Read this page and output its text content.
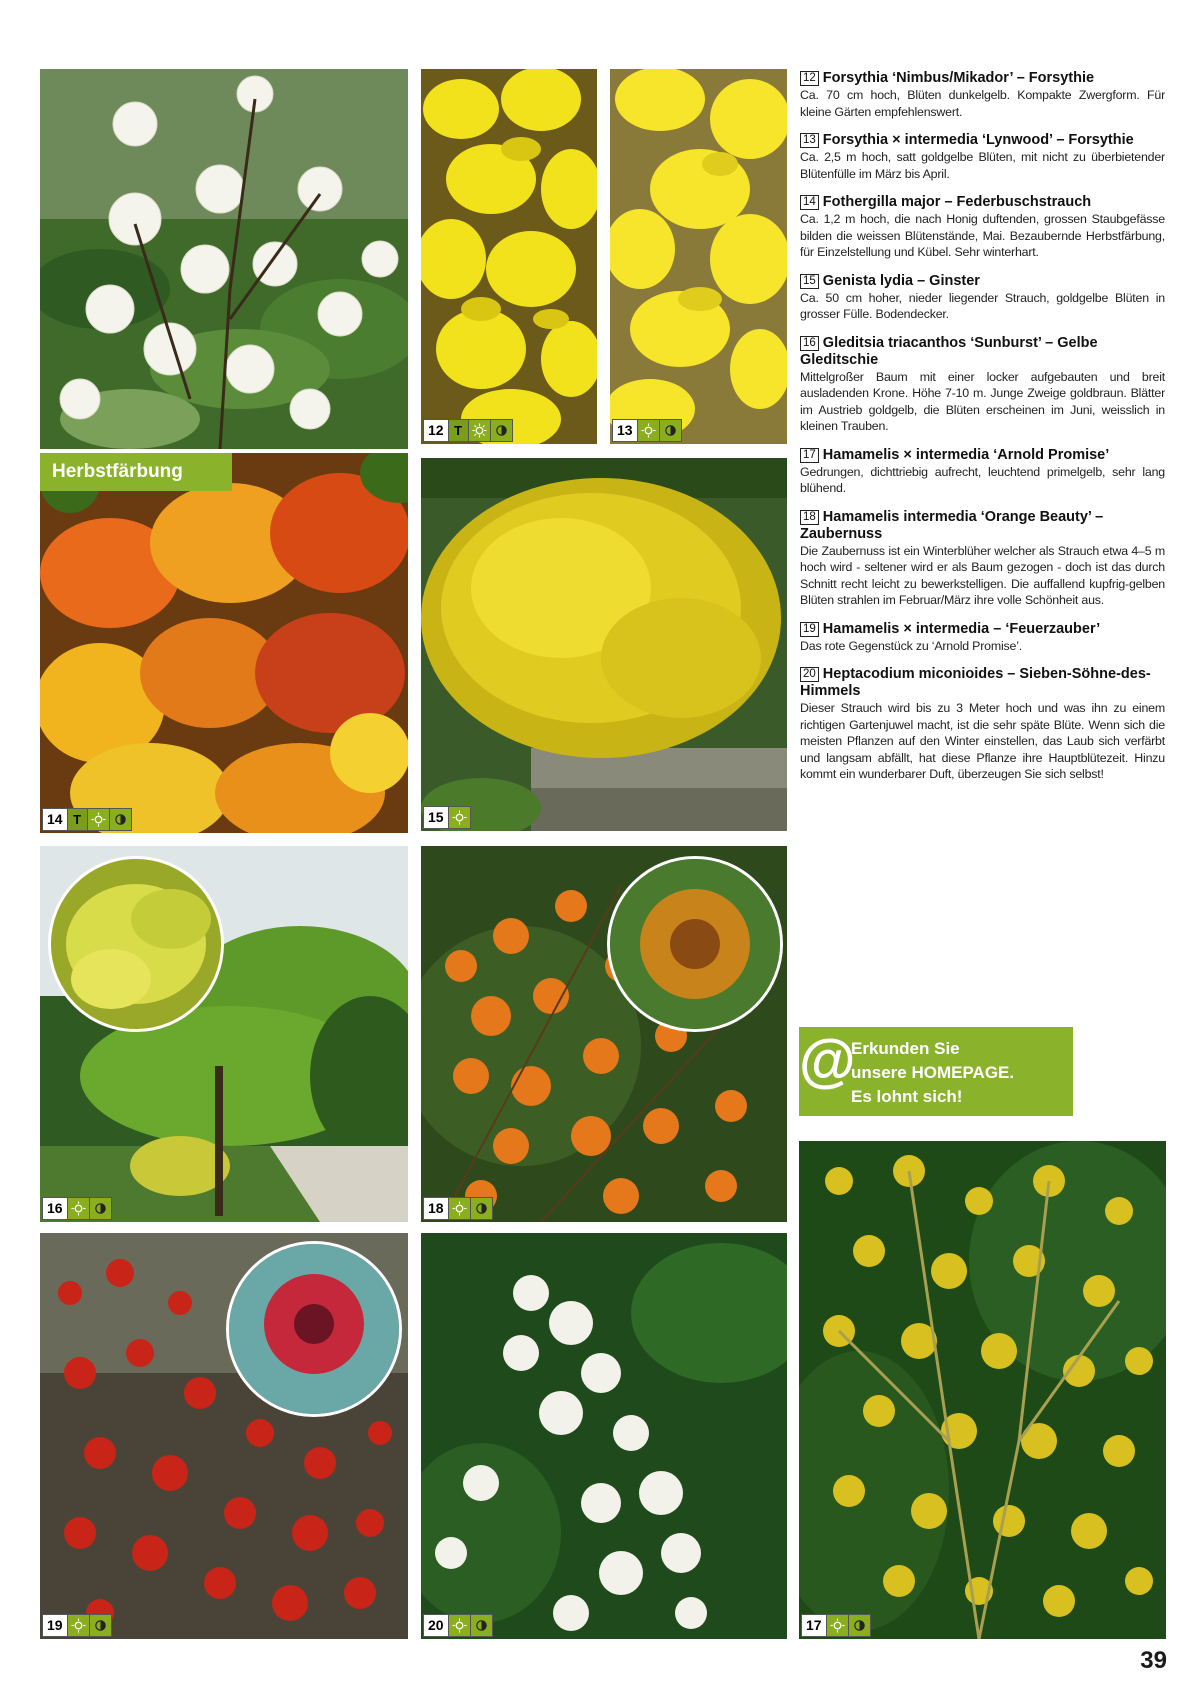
12 T	13
14 T
Herbstfärbung
15
16	18
19	20	17
12 Forsythia ‘Nimbus/Mikador’ – Forsythie

Ca. 70 cm hoch, Blüten dunkelgelb. Kompakte Zwergform. Für kleine Gärten empfehlenswert.

13 Forsythia × intermedia ‘Lynwood’ – Forsythie

Ca. 2,5 m hoch, satt goldgelbe Blüten, mit nicht zu überbietender Blütenfülle im März bis April.

14 Fothergilla major – Federbuschstrauch

Ca. 1,2 m hoch, die nach Honig duftenden, grossen Staubgefässe bilden die weissen Blütenstände, Mai. Bezaubernde Herbstfärbung, für Einzelstellung und Kübel. Sehr winterhart.

15 Genista lydia – Ginster

Ca. 50 cm hoher, nieder liegender Strauch, goldgelbe Blüten in grosser Fülle. Bodendecker.

16 Gleditsia triacanthos ‘Sunburst’ – Gelbe Gleditschie

Mittelgroßer Baum mit einer locker aufgebauten und breit ausladenden Krone. Höhe 7-10 m. Junge Zweige goldbraun. Blätter im Austrieb goldgelb, die Blüten erscheinen im Juni, weisslich in kleinen Trauben.

17 Hamamelis × intermedia ‘Arnold Promise’

Gedrungen, dichttriebig aufrecht, leuchtend primelgelb, sehr lang blühend.

18 Hamamelis intermedia ‘Orange Beauty’ – Zaubernuss

Die Zaubernuss ist ein Winterblüher welcher als Strauch etwa 4–5 m hoch wird - seltener wird er als Baum gezogen - doch ist das durch Schnitt recht leicht zu bewerkstelligen. Die auffallend kupfrig-gelben Blüten strahlen im Februar/März ihre volle Schönheit aus.

19 Hamamelis × intermedia – ‘Feuerzauber’

Das rote Gegenstück zu ‘Arnold Promise’.

20 Heptacodium miconioides – Sieben-Söhne-des-Himmels

Dieser Strauch wird bis zu 3 Meter hoch und was ihn zu einem richtigen Gartenjuwel macht, ist die sehr späte Blüte. Wenn sich die meisten Pflanzen auf den Winter einstellen, das Laub sich verfärbt und langsam abfällt, hat diese Pflanze ihre Hauptblütezeit. Hinzu kommt ein wunderbarer Duft, überzeugen Sie sich selbst!

@
Erkunden Sie
unsere HOMEPAGE.
Es lohnt sich!
39
